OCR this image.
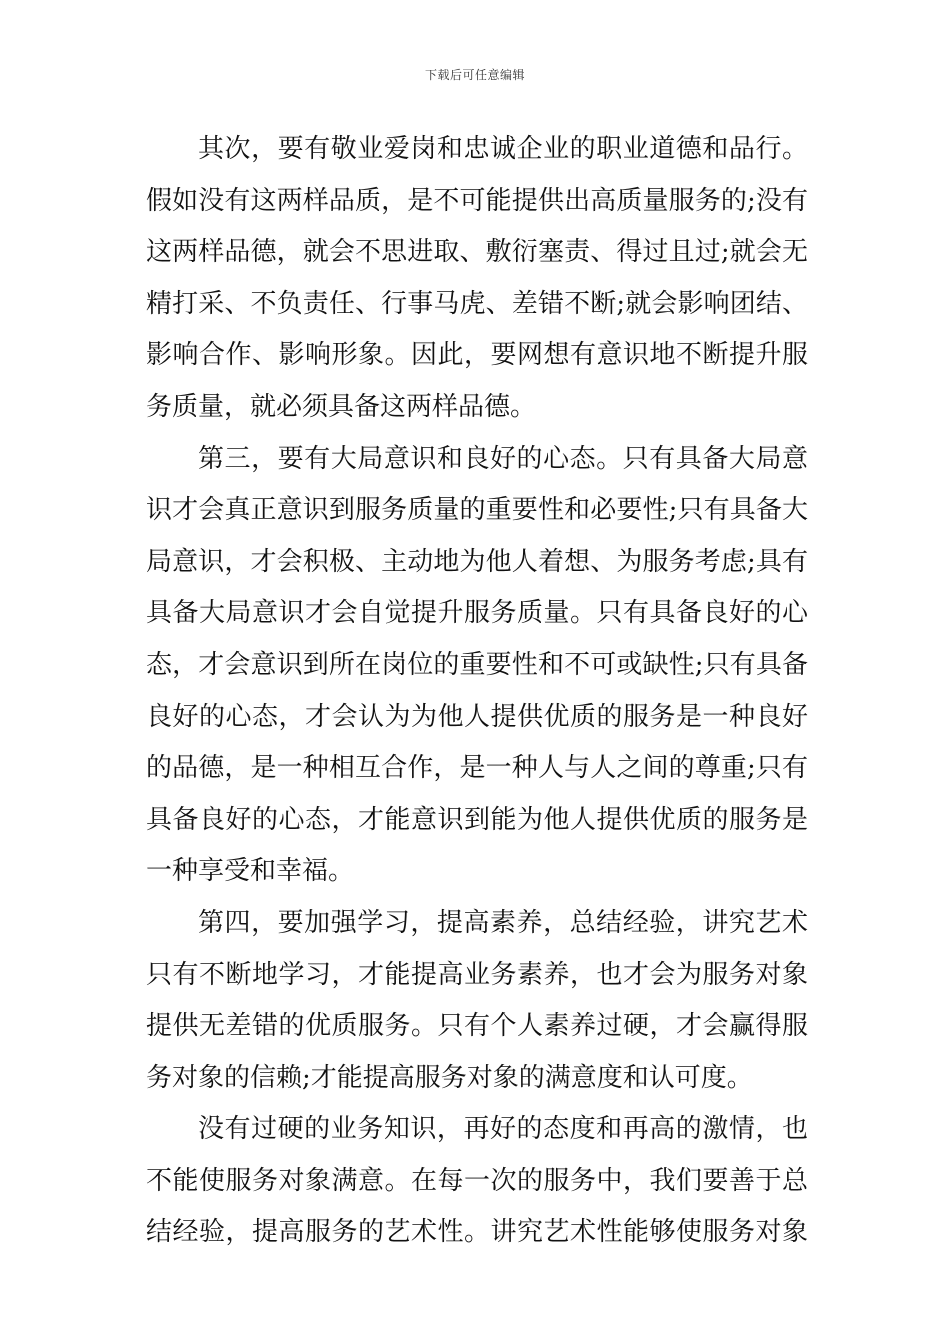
下载后可任意编辑
其次，要有敬业爱岗和忠诚企业的职业道德和品行。
假如没有这两样品质，是不可能提供出高质量服务的;没有
这两样品德，就会不思进取、敷衍塞责、得过且过;就会无
精打采、不负责任、行事马虎、差错不断;就会影响团结、
影响合作、影响形象。因此，要网想有意识地不断提升服
务质量，就必须具备这两样品德。
第三，要有大局意识和良好的心态。只有具备大局意
识才会真正意识到服务质量的重要性和必要性;只有具备大
局意识，才会积极、主动地为他人着想、为服务考虑;具有
具备大局意识才会自觉提升服务质量。只有具备良好的心
态，才会意识到所在岗位的重要性和不可或缺性;只有具备
良好的心态，才会认为为他人提供优质的服务是一种良好
的品德，是一种相互合作，是一种人与人之间的尊重;只有
具备良好的心态，才能意识到能为他人提供优质的服务是
一种享受和幸福。
第四，要加强学习，提高素养，总结经验，讲究艺术
只有不断地学习，才能提高业务素养，也才会为服务对象
提供无差错的优质服务。只有个人素养过硬，才会赢得服
务对象的信赖;才能提高服务对象的满意度和认可度。
没有过硬的业务知识，再好的态度和再高的激情，也
不能使服务对象满意。在每一次的服务中，我们要善于总
结经验，提高服务的艺术性。讲究艺术性能够使服务对象
